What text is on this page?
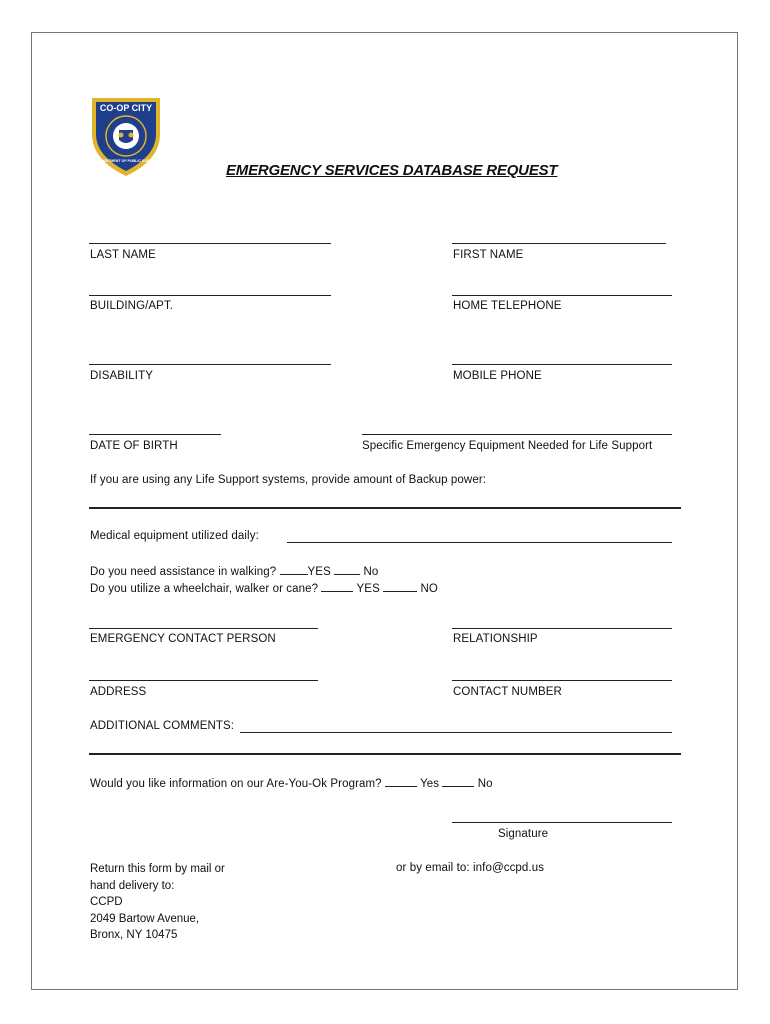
CO-OP CITY
DEPARTMENT OF PUBLIC SAFETY
EMERGENCY SERVICES DATABASE REQUEST
LAST NAME	FIRST NAME
BUILDING/APT.	HOME TELEPHONE
DISABILITY	MOBILE PHONE
DATE OF BIRTH	Specific Emergency Equipment Needed for Life Support
If you are using any Life Support systems, provide amount of Backup power:
Medical equipment utilized daily:
Do you need assistance in walking?	YES	No
Do you utilize a wheelchair, walker or cane?	YES	NO
EMERGENCY CONTACT PERSON	RELATIONSHIP
ADDRESS	CONTACT NUMBER
ADDITIONAL COMMENTS:
Would you like information on our Are-You-Ok Program?	Yes	No
Signature
Return this form by mail or
hand delivery to:
CCPD
2049 Bartow Avenue,
Bronx, NY 10475
or by email to: info@ccpd.us
